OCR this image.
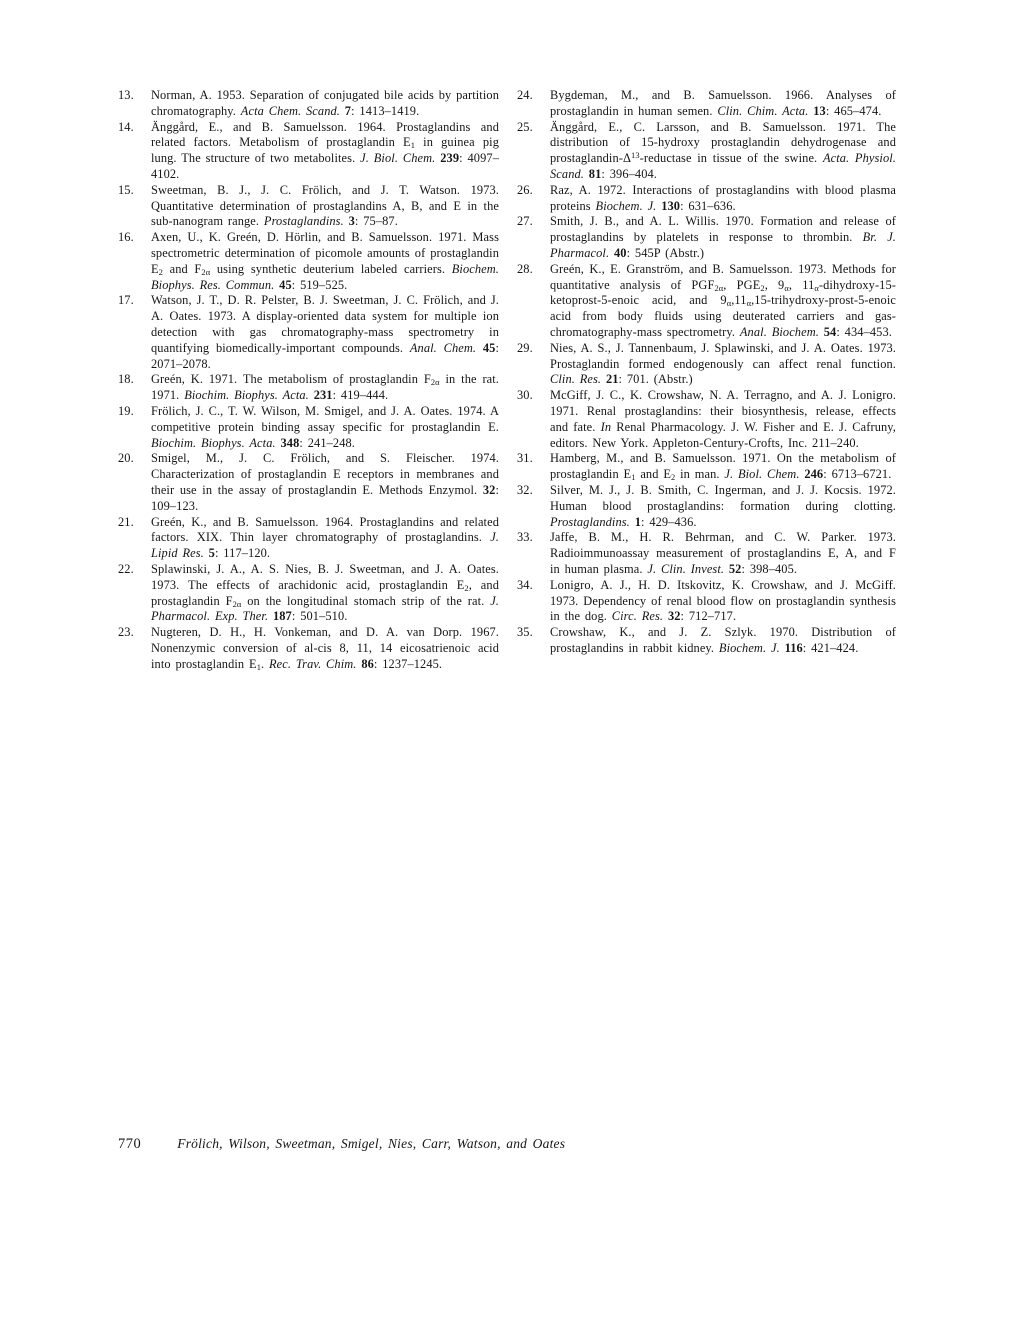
13. Norman, A. 1953. Separation of conjugated bile acids by partition chromatography. Acta Chem. Scand. 7: 1413–1419.
14. Änggård, E., and B. Samuelsson. 1964. Prostaglandins and related factors. Metabolism of prostaglandin $E_1$ in guinea pig lung. The structure of two metabolites. J. Biol. Chem. 239: 4097–4102.
15. Sweetman, B. J., J. C. Frölich, and J. T. Watson. 1973. Quantitative determination of prostaglandins A, B, and E in the sub-nanogram range. Prostaglandins. 3: 75–87.
16. Axen, U., K. Greén, D. Hörlin, and B. Samuelsson. 1971. Mass spectrometric determination of picomole amounts of prostaglandin $E_2$ and $F_{2\alpha}$ using synthetic deuterium labeled carriers. Biochem. Biophys. Res. Commun. 45: 519–525.
17. Watson, J. T., D. R. Pelster, B. J. Sweetman, J. C. Frölich, and J. A. Oates. 1973. A display-oriented data system for multiple ion detection with gas chromatography-mass spectrometry in quantifying biomedically-important compounds. Anal. Chem. 45: 2071–2078.
18. Greén, K. 1971. The metabolism of prostaglandin $F_{2\alpha}$ in the rat. 1971. Biochim. Biophys. Acta. 231: 419–444.
19. Frölich, J. C., T. W. Wilson, M. Smigel, and J. A. Oates. 1974. A competitive protein binding assay specific for prostaglandin E. Biochim. Biophys. Acta. 348: 241–248.
20. Smigel, M., J. C. Frölich, and S. Fleischer. 1974. Characterization of prostaglandin E receptors in membranes and their use in the assay of prostaglandin E. Methods Enzymol. 32: 109–123.
21. Greén, K., and B. Samuelsson. 1964. Prostaglandins and related factors. XIX. Thin layer chromatography of prostaglandins. J. Lipid Res. 5: 117–120.
22. Splawinski, J. A., A. S. Nies, B. J. Sweetman, and J. A. Oates. 1973. The effects of arachidonic acid, prostaglandin $E_2$, and prostaglandin $F_{2\alpha}$ on the longitudinal stomach strip of the rat. J. Pharmacol. Exp. Ther. 187: 501–510.
23. Nugteren, D. H., H. Vonkeman, and D. A. van Dorp. 1967. Nonenzymic conversion of al-cis 8, 11, 14 eicosatrienoic acid into prostaglandin $E_1$. Rec. Trav. Chim. 86: 1237–1245.
24. Bygdeman, M., and B. Samuelsson. 1966. Analyses of prostaglandin in human semen. Clin. Chim. Acta. 13: 465–474.
25. Änggård, E., C. Larsson, and B. Samuelsson. 1971. The distribution of 15-hydroxy prostaglandin dehydrogenase and prostaglandin-$\Delta^{13}$-reductase in tissue of the swine. Acta. Physiol. Scand. 81: 396–404.
26. Raz, A. 1972. Interactions of prostaglandins with blood plasma proteins Biochem. J. 130: 631–636.
27. Smith, J. B., and A. L. Willis. 1970. Formation and release of prostaglandins by platelets in response to thrombin. Br. J. Pharmacol. 40: 545P (Abstr.)
28. Greén, K., E. Granström, and B. Samuelsson. 1973. Methods for quantitative analysis of $PGF_{2\alpha}$, $PGE_2$, $9_\alpha$, $11_\alpha-dihydroxy-15-ketoprost-5$-enoic acid, and $9_\alpha,11_\alpha,15-trihydroxy-prost-5$-enoic acid from body fluids using deuterated carriers and gas-chromatography-mass spectrometry. Anal. Biochem. 54: 434–453.
29. Nies, A. S., J. Tannenbaum, J. Splawinski, and J. A. Oates. 1973. Prostaglandin formed endogenously can affect renal function. Clin. Res. 21: 701. (Abstr.)
30. McGiff, J. C., K. Crowshaw, N. A. Terragno, and A. J. Lonigro. 1971. Renal prostaglandins: their biosynthesis, release, effects and fate. In Renal Pharmacology. J. W. Fisher and E. J. Cafruny, editors. New York. Appleton-Century-Crofts, Inc. 211–240.
31. Hamberg, M., and B. Samuelsson. 1971. On the metabolism of prostaglandin $E_1$ and $E_2$ in man. J. Biol. Chem. 246: 6713–6721.
32. Silver, M. J., J. B. Smith, C. Ingerman, and J. J. Kocsis. 1972. Human blood prostaglandins: formation during clotting. Prostaglandins. 1: 429–436.
33. Jaffe, B. M., H. R. Behrman, and C. W. Parker. 1973. Radioimmunoassay measurement of prostaglandins E, A, and F in human plasma. J. Clin. Invest. 52: 398–405.
34. Lonigro, A. J., H. D. Itskovitz, K. Crowshaw, and J. McGiff. 1973. Dependency of renal blood flow on prostaglandin synthesis in the dog. Circ. Res. 32: 712–717.
35. Crowshaw, K., and J. Z. Szlyk. 1970. Distribution of prostaglandins in rabbit kidney. Biochem. J. 116: 421–424.
770	Frölich, Wilson, Sweetman, Smigel, Nies, Carr, Watson, and Oates
